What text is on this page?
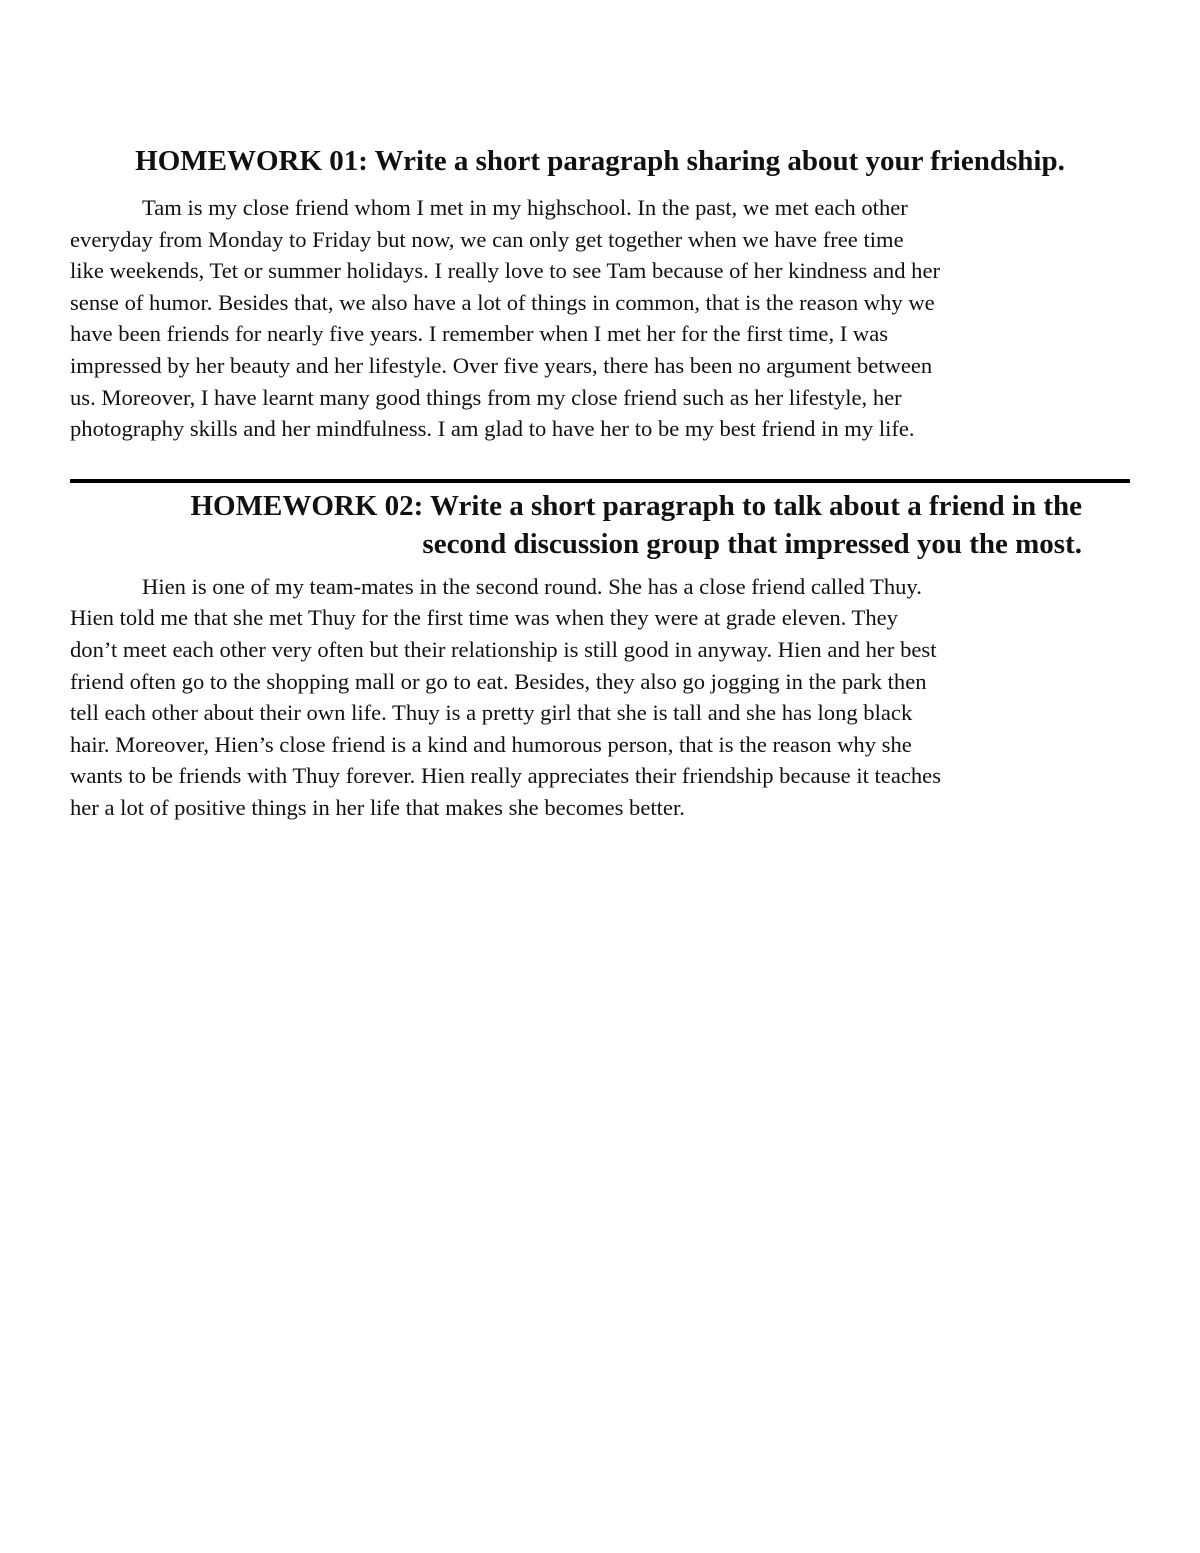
HOMEWORK 01: Write a short paragraph sharing about your friendship.

Tam is my close friend whom I met in my highschool. In the past, we met each other
everyday from Monday to Friday but now, we can only get together when we have free time
like weekends, Tet or summer holidays. I really love to see Tam because of her kindness and her
sense of humor. Besides that, we also have a lot of things in common, that is the reason why we
have been friends for nearly five years. I remember when I met her for the first time, I was
impressed by her beauty and her lifestyle. Over five years, there has been no argument between
us. Moreover, I have learnt many good things from my close friend such as her lifestyle, her
photography skills and her mindfulness. I am glad to have her to be my best friend in my life.

HOMEWORK 02: Write a short paragraph to talk about a friend in the
second discussion group that impressed you the most.

Hien is one of my team-mates in the second round. She has a close friend called Thuy.
Hien told me that she met Thuy for the first time was when they were at grade eleven. They
don’t meet each other very often but their relationship is still good in anyway. Hien and her best
friend often go to the shopping mall or go to eat. Besides, they also go jogging in the park then
tell each other about their own life. Thuy is a pretty girl that she is tall and she has long black
hair. Moreover, Hien’s close friend is a kind and humorous person, that is the reason why she
wants to be friends with Thuy forever. Hien really appreciates their friendship because it teaches
her a lot of positive things in her life that makes she becomes better.
